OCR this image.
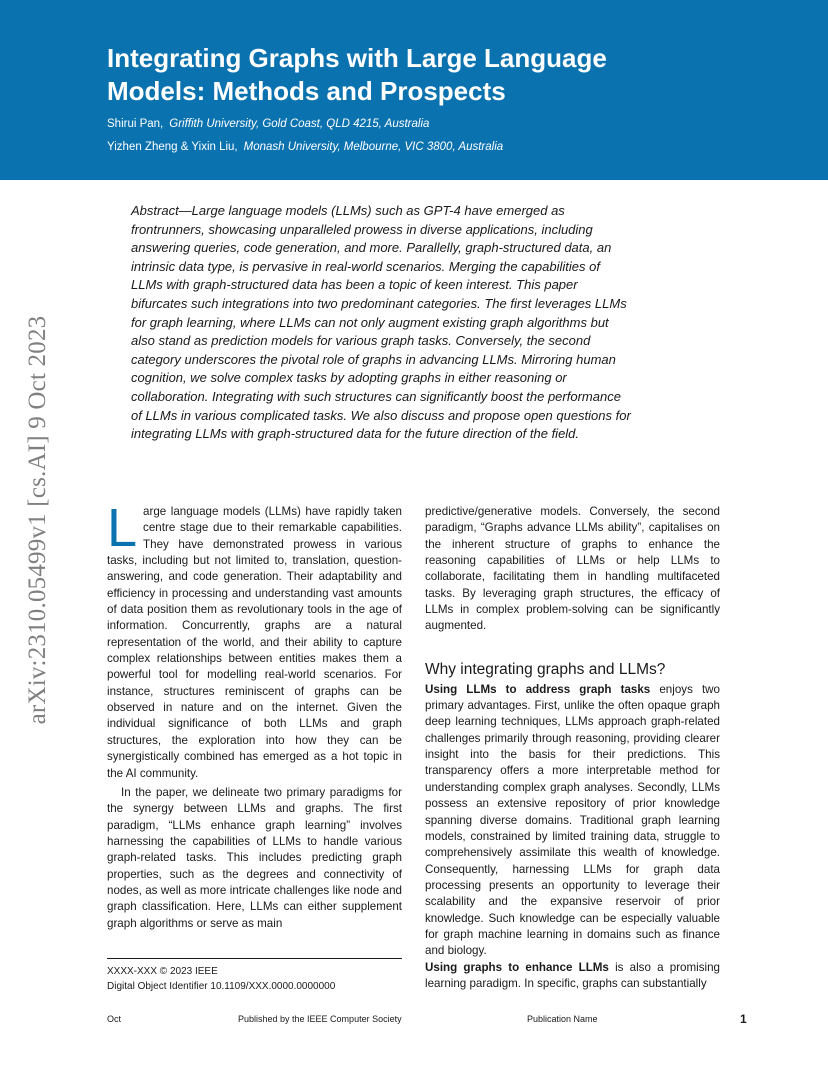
Integrating Graphs with Large Language
Models: Methods and Prospects
Shirui Pan, Griffith University, Gold Coast, QLD 4215, Australia
Yizhen Zheng & Yixin Liu, Monash University, Melbourne, VIC 3800, Australia
arXiv:2310.05499v1 [cs.AI] 9 Oct 2023
Abstract—Large language models (LLMs) such as GPT-4 have emerged as frontrunners, showcasing unparalleled prowess in diverse applications, including answering queries, code generation, and more. Parallelly, graph-structured data, an intrinsic data type, is pervasive in real-world scenarios. Merging the capabilities of LLMs with graph-structured data has been a topic of keen interest. This paper bifurcates such integrations into two predominant categories. The first leverages LLMs for graph learning, where LLMs can not only augment existing graph algorithms but also stand as prediction models for various graph tasks. Conversely, the second category underscores the pivotal role of graphs in advancing LLMs. Mirroring human cognition, we solve complex tasks by adopting graphs in either reasoning or collaboration. Integrating with such structures can significantly boost the performance of LLMs in various complicated tasks. We also discuss and propose open questions for integrating LLMs with graph-structured data for the future direction of the field.

Large language models (LLMs) have rapidly taken centre stage due to their remarkable capabilities. They have demonstrated prowess in various tasks, including but not limited to, translation, question-answering, and code generation. Their adaptability and efficiency in processing and understanding vast amounts of data position them as revolutionary tools in the age of information. Concurrently, graphs are a natural representation of the world, and their ability to capture complex relationships between entities makes them a powerful tool for modelling real-world scenarios. For instance, structures reminiscent of graphs can be observed in nature and on the internet. Given the individual significance of both LLMs and graph structures, the exploration into how they can be synergistically combined has emerged as a hot topic in the AI community.

In the paper, we delineate two primary paradigms for the synergy between LLMs and graphs. The first paradigm, “LLMs enhance graph learning” involves harnessing the capabilities of LLMs to handle various graph-related tasks. This includes predicting graph properties, such as the degrees and connectivity of nodes, as well as more intricate challenges like node and graph classification. Here, LLMs can either supplement graph algorithms or serve as main

predictive/generative models. Conversely, the second paradigm, “Graphs advance LLMs ability”, capitalises on the inherent structure of graphs to enhance the reasoning capabilities of LLMs or help LLMs to collaborate, facilitating them in handling multifaceted tasks. By leveraging graph structures, the efficacy of LLMs in complex problem-solving can be significantly augmented.

Why integrating graphs and LLMs?

Using LLMs to address graph tasks enjoys two primary advantages. First, unlike the often opaque graph deep learning techniques, LLMs approach graph-related challenges primarily through reasoning, providing clearer insight into the basis for their predictions. This transparency offers a more interpretable method for understanding complex graph analyses. Secondly, LLMs possess an extensive repository of prior knowledge spanning diverse domains. Traditional graph learning models, constrained by limited training data, struggle to comprehensively assimilate this wealth of knowledge. Consequently, harnessing LLMs for graph data processing presents an opportunity to leverage their scalability and the expansive reservoir of prior knowledge. Such knowledge can be especially valuable for graph machine learning in domains such as finance and biology.

Using graphs to enhance LLMs is also a promising learning paradigm. In specific, graphs can substantially

XXXX-XXX © 2023 IEEE
Digital Object Identifier 10.1109/XXX.0000.0000000
Oct	Published by the IEEE Computer Society	Publication Name	1
